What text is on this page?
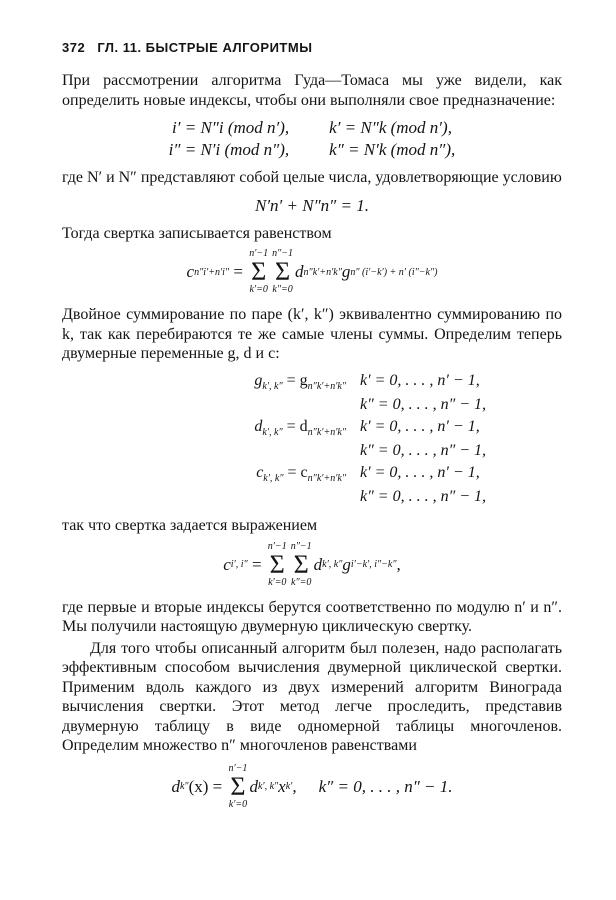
372 ГЛ. 11. БЫСТРЫЕ АЛГОРИТМЫ

При рассмотрении алгоритма Гуда—Томаса мы уже видели, как определить новые индексы, чтобы они выполняли свое предназначение:

i′ = N″i (mod n′), k′ = N″k (mod n′),
i″ = N′i (mod n″), k″ = N′k (mod n″),

где N′ и N″ представляют собой целые числа, удовлетворяющие условию

N′n′ + N″n″ = 1.

Тогда свертка записывается равенством

c n″i′+n′i″
=

n′−1
Σ
k′=0
n″−1
Σ
k″=0
d n″k′+n′k″ g n″ (i′−k′) + n′ (i″−k″)

Двойное суммирование по паре (k′, k″) эквивалентно суммированию по k, так как перебираются те же самые члены суммы. Определим теперь двумерные переменные g, d и c:

$g_{k', k''} = g_{n''k'+n'k''}$ k′ = 0, . . . , n′ − 1,
k″ = 0, . . . , n″ − 1,
$d_{k', k''} = d_{n''k'+n'k''}$ k′ = 0, . . . , n′ − 1,
k″ = 0, . . . , n″ − 1,
$c_{k', k''} = c_{n''k'+n'k''}$ k′ = 0, . . . , n′ − 1,
k″ = 0, . . . , n″ − 1,

так что свертка задается выражением

c i′, i″
=

n′−1
Σ
k′=0
n″−1
Σ
k″=0
d k′, k″ g i′−k′, i″−k″ ,

где первые и вторые индексы берутся соответственно по модулю n′ и n″. Мы получили настоящую двумерную циклическую свертку.

Для того чтобы описанный алгоритм был полезен, надо располагать эффективным способом вычисления двумерной циклической свертки. Применим вдоль каждого из двух измерений алгоритм Винограда вычисления свертки. Этот метод легче проследить, представив двумерную таблицу в виде одномерной таблицы многочленов. Определим множество n″ многочленов равенствами

d k″ (x) =

n′−1
Σ
k′=0
d k′, k″ x k′ , k″ = 0, . . . , n″ − 1.
